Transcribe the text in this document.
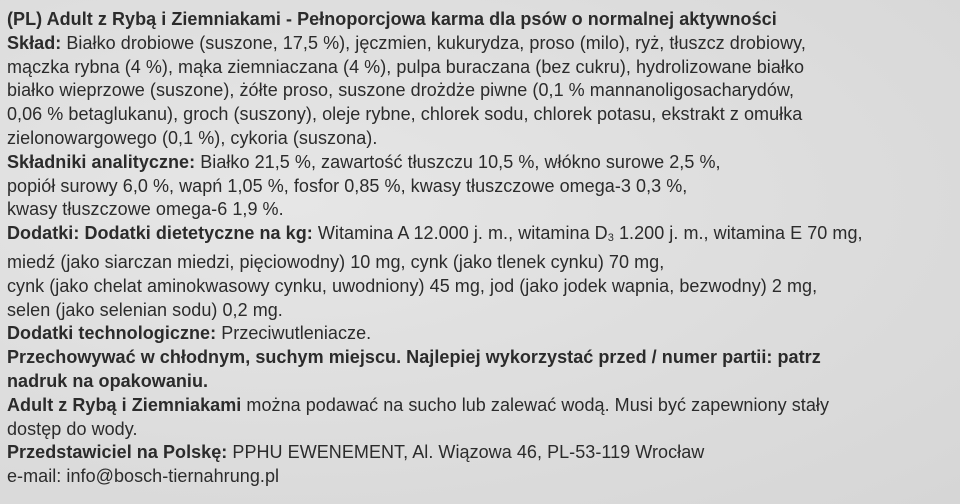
(PL) Adult z Rybą i Ziemniakami - Pełnoporcjowa karma dla psów o normalnej aktywności
Skład: Białko drobiowe (suszone, 17,5 %), jęczmien, kukurydza, proso (milo), ryż, tłuszcz drobiowy,
mączka rybna (4 %), mąka ziemniaczana (4 %), pulpa buraczana (bez cukru), hydrolizowane białko
białko wieprzowe (suszone), żółte proso, suszone drożdże piwne (0,1 % mannanoligosacharydów,
0,06 % betaglukanu), groch (suszony), oleje rybne, chlorek sodu, chlorek potasu, ekstrakt z omułka
zielonowargowego (0,1 %), cykoria (suszona).
Składniki analityczne: Białko 21,5 %, zawartość tłuszczu 10,5 %, włókno surowe 2,5 %,
popiół surowy 6,0 %, wapń 1,05 %, fosfor 0,85 %, kwasy tłuszczowe omega-3 0,3 %,
kwasy tłuszczowe omega-6 1,9 %.
Dodatki: Dodatki dietetyczne na kg: Witamina A 12.000 j. m., witamina D3 1.200 j. m., witamina E 70 mg,
miedź (jako siarczan miedzi, pięciowodny) 10 mg, cynk (jako tlenek cynku) 70 mg,
cynk (jako chelat aminokwasowy cynku, uwodniony) 45 mg, jod (jako jodek wapnia, bezwodny) 2 mg,
selen (jako selenian sodu) 0,2 mg.
Dodatki technologiczne: Przeciwutleniacze.
Przechowywać w chłodnym, suchym miejscu. Najlepiej wykorzystać przed / numer partii: patrz
nadruk na opakowaniu.
Adult z Rybą i Ziemniakami można podawać na sucho lub zalewać wodą. Musi być zapewniony stały
dostęp do wody.
Przedstawiciel na Polskę: PPHU EWENEMENT, Al. Wiązowa 46, PL-53-119 Wrocław
e-mail: info@bosch-tiernahrung.pl
